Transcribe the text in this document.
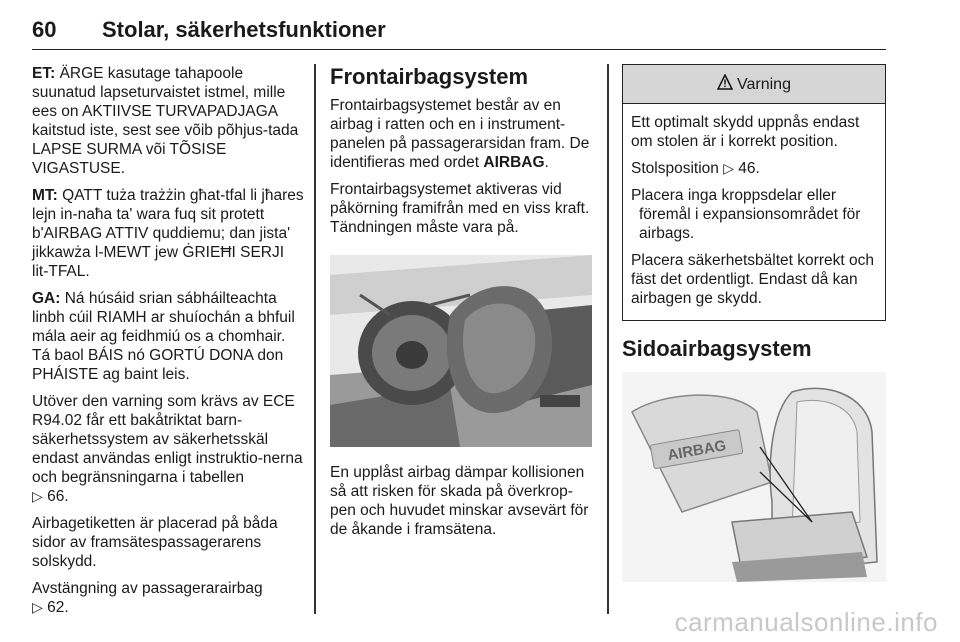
60	Stolar, säkerhetsfunktioner

ET: ÄRGE kasutage tahapoole suunatud lapseturvaistet istmel, mille ees on AKTIIVSE TURVAPADJAGA kaitstud iste, sest see võib põhjus-tada LAPSE SURMA või TÕSISE VIGASTUSE.

MT: QATT tuża trażżin għat-tfal li jħares lejn in-naħa ta' wara fuq sit protett b'AIRBAG ATTIV quddiemu; dan jista' jikkawża l-MEWT jew ĠRIEĦI SERJI lit-TFAL.

GA: Ná húsáid srian sábháilteachta linbh cúil RIAMH ar shuíochán a bhfuil mála aeir ag feidhmiú os a chomhair. Tá baol BÁIS nó GORTÚ DONA don PHÁISTE ag baint leis.

Utöver den varning som krävs av ECE R94.02 får ett bakåtriktat barn-säkerhetssystem av säkerhetsskäl endast användas enligt instruktio-nerna och begränsningarna i tabellen
▷ 66.

Airbagetiketten är placerad på båda sidor av framsätespassagerarens solskydd.

Avstängning av passagerarairbag
▷ 62.

Frontairbagsystem

Frontairbagsystemet består av en airbag i ratten och en i instrument-panelen på passagerarsidan fram. De identifieras med ordet AIRBAG.

Frontairbagsystemet aktiveras vid påkörning framifrån med en viss kraft. Tändningen måste vara på.

En upplåst airbag dämpar kollisionen så att risken för skada på överkrop-pen och huvudet minskar avsevärt för de åkande i framsätena.

Varning

Ett optimalt skydd uppnås endast om stolen är i korrekt position.

Stolsposition ▷ 46.

Placera inga kroppsdelar eller föremål i expansionsområdet för airbags.

Placera säkerhetsbältet korrekt och fäst det ordentligt. Endast då kan airbagen ge skydd.

Sidoairbagsystem
AIRBAG
carmanualsonline.info
